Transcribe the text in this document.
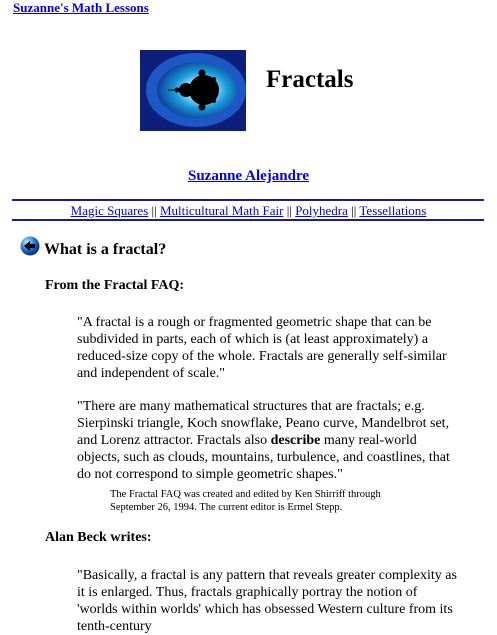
Suzanne's Math Lessons
Fractals
Suzanne Alejandre
Magic Squares || Multicultural Math Fair || Polyhedra || Tessellations
What is a fractal?
From the Fractal FAQ:
"A fractal is a rough or fragmented geometric shape that can be subdivided in parts, each of which is (at least approximately) a reduced-size copy of the whole. Fractals are generally self-similar and independent of scale."
"There are many mathematical structures that are fractals; e.g. Sierpinski triangle, Koch snowflake, Peano curve, Mandelbrot set, and Lorenz attractor. Fractals also describe many real-world objects, such as clouds, mountains, turbulence, and coastlines, that do not correspond to simple geometric shapes."
The Fractal FAQ was created and edited by Ken Shirriff through September 26, 1994. The current editor is Ermel Stepp.
Alan Beck writes:
"Basically, a fractal is any pattern that reveals greater complexity as it is enlarged. Thus, fractals graphically portray the notion of 'worlds within worlds' which has obsessed Western culture from its tenth-century
